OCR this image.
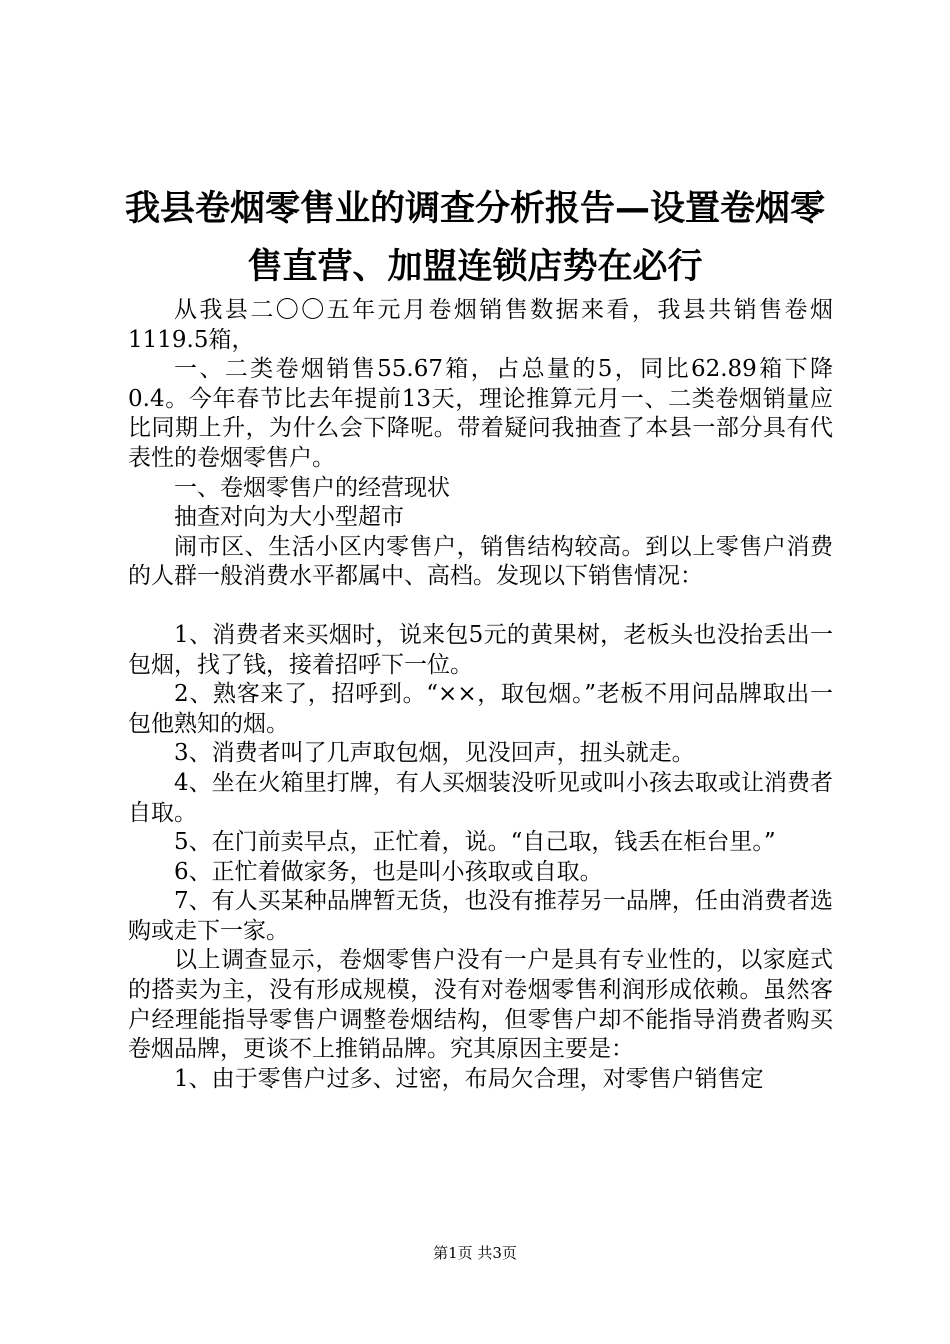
我县卷烟零售业的调查分析报告—设置卷烟零
售直营、加盟连锁店势在必行

从我县二〇〇五年元月卷烟销售数据来看，我县共销售卷烟1119.5箱，

一、二类卷烟销售55.67箱，占总量的5，同比62.89箱下降0.4。今年春节比去年提前13天，理论推算元月一、二类卷烟销量应比同期上升，为什么会下降呢。带着疑问我抽查了本县一部分具有代表性的卷烟零售户。

一、卷烟零售户的经营现状

抽查对向为大小型超市

闹市区、生活小区内零售户，销售结构较高。到以上零售户消费的人群一般消费水平都属中、高档。发现以下销售情况：

1、消费者来买烟时，说来包5元的黄果树，老板头也没抬丢出一包烟，找了钱，接着招呼下一位。

2、熟客来了，招呼到。“××，取包烟。”老板不用问品牌取出一包他熟知的烟。

3、消费者叫了几声取包烟，见没回声，扭头就走。

4、坐在火箱里打牌，有人买烟装没听见或叫小孩去取或让消费者自取。

5、在门前卖早点，正忙着，说。“自己取，钱丢在柜台里。”

6、正忙着做家务，也是叫小孩取或自取。

7、有人买某种品牌暂无货，也没有推荐另一品牌，任由消费者选购或走下一家。

以上调查显示，卷烟零售户没有一户是具有专业性的，以家庭式的搭卖为主，没有形成规模，没有对卷烟零售利润形成依赖。虽然客户经理能指导零售户调整卷烟结构，但零售户却不能指导消费者购买卷烟品牌，更谈不上推销品牌。究其原因主要是：

1、由于零售户过多、过密，布局欠合理，对零售户销售定

第1页 共3页
